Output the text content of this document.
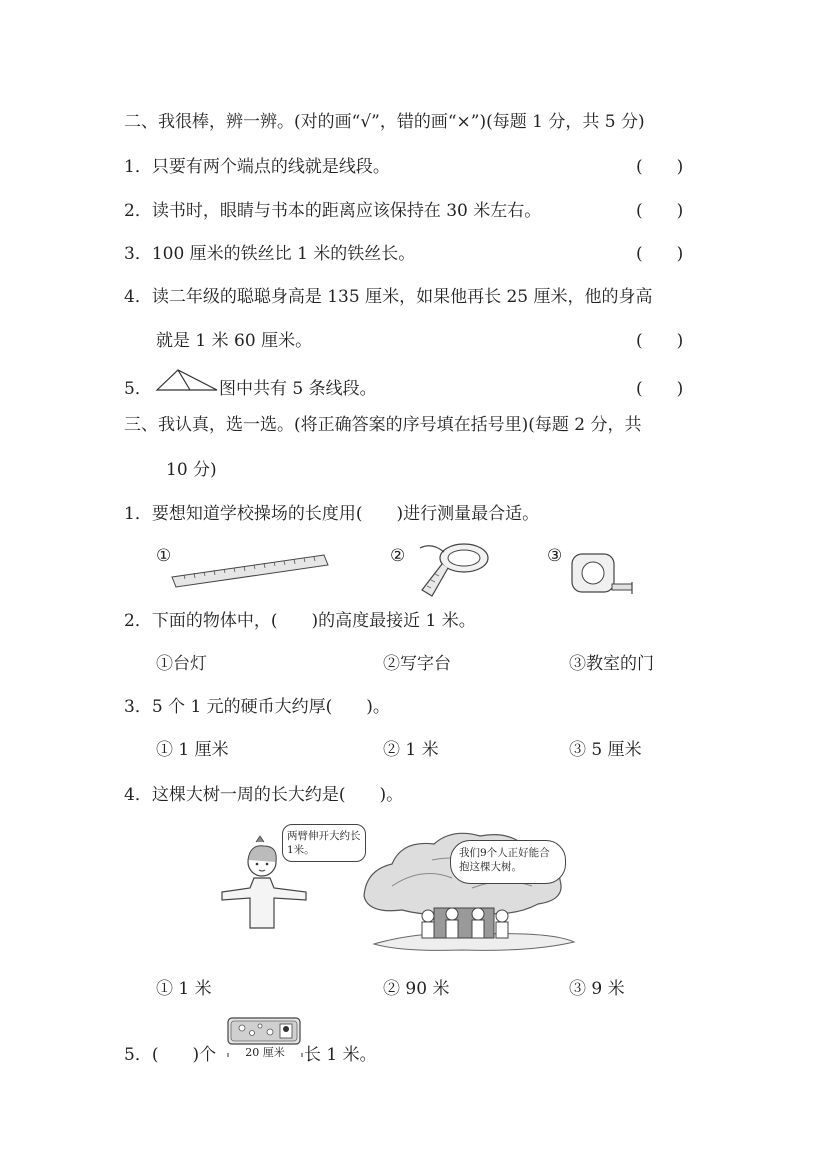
二、我很棒，辨一辨。(对的画“√”，错的画“×”)(每题 1 分，共 5 分)
1．只要有两个端点的线就是线段。	(　　)
2．读书时，眼睛与书本的距离应该保持在 30 米左右。	(　　)
3．100 厘米的铁丝比 1 米的铁丝长。	(　　)
4．读二年级的聪聪身高是 135 厘米，如果他再长 25 厘米，他的身高
就是 1 米 60 厘米。	(　　)
5．	图中共有 5 条线段。	(　　)
三、我认真，选一选。(将正确答案的序号填在括号里)(每题 2 分，共
10 分)
1．要想知道学校操场的长度用(　　)进行测量最合适。
①	②	③
2．下面的物体中，(　　)的高度最接近 1 米。
①台灯	②写字台	③教室的门
3．5 个 1 元的硬币大约厚(　　)。
① 1 厘米	② 1 米	③ 5 厘米
4．这棵大树一周的长大约是(　　)。
两臂伸开大约长1米。	我们9个人正好能合抱这棵大树。
① 1 米	② 90 米	③ 9 米
5．(　　)个	20 厘米	长 1 米。
